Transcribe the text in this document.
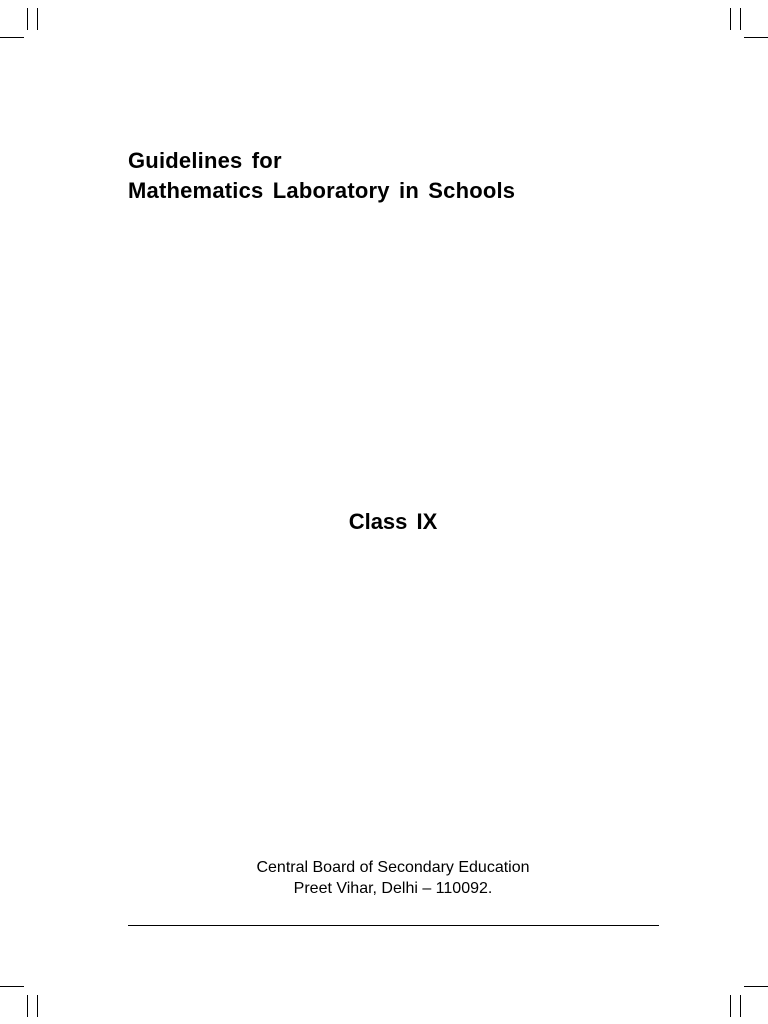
Guidelines for
Mathematics Laboratory in Schools
Class IX
Central Board of Secondary Education
Preet Vihar, Delhi – 110092.
